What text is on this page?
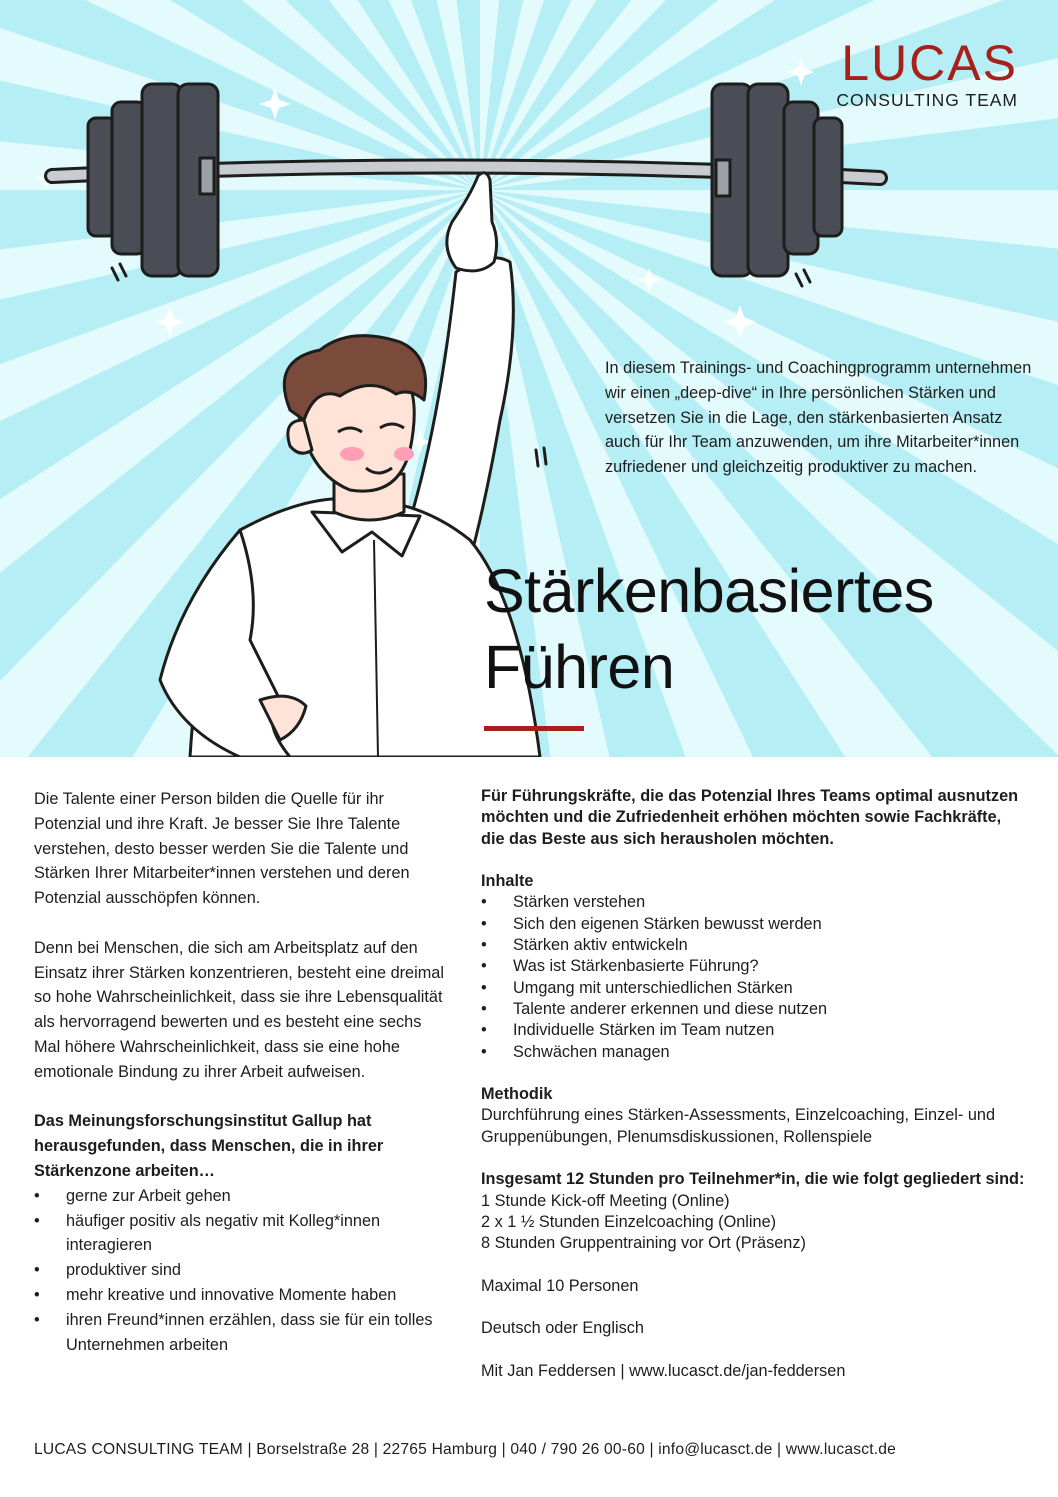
LUCAS
CONSULTING TEAM

In diesem Trainings- und Coachingprogramm unternehmen wir einen „deep-dive“ in Ihre persönlichen Stärken und versetzen Sie in die Lage, den stärkenbasierten Ansatz auch für Ihr Team anzuwenden, um ihre Mitarbeiter*innen zufriedener und gleichzeitig produktiver zu machen.

Stärkenbasiertes
Führen

Die Talente einer Person bilden die Quelle für ihr Potenzial und ihre Kraft. Je besser Sie Ihre Talente verstehen, desto besser werden Sie die Talente und Stärken Ihrer Mitarbeiter*innen verstehen und deren Potenzial ausschöpfen können.

Denn bei Menschen, die sich am Arbeitsplatz auf den Einsatz ihrer Stärken konzentrieren, besteht eine dreimal so hohe Wahrscheinlichkeit, dass sie ihre Lebensqualität als hervorragend bewerten und es besteht eine sechs Mal höhere Wahrscheinlichkeit, dass sie eine hohe emotionale Bindung zu ihrer Arbeit aufweisen.

Das Meinungsforschungsinstitut Gallup hat herausgefunden, dass Menschen, die in ihrer Stärkenzone arbeiten…

• gerne zur Arbeit gehen
• häufiger positiv als negativ mit Kolleg*innen interagieren
• produktiver sind
• mehr kreative und innovative Momente haben
• ihren Freund*innen erzählen, dass sie für ein tolles Unternehmen arbeiten

Für Führungskräfte, die das Potenzial Ihres Teams optimal ausnutzen möchten und die Zufriedenheit erhöhen möchten sowie Fachkräfte, die das Beste aus sich herausholen möchten.

Inhalte

• Stärken verstehen
• Sich den eigenen Stärken bewusst werden
• Stärken aktiv entwickeln
• Was ist Stärkenbasierte Führung?
• Umgang mit unterschiedlichen Stärken
• Talente anderer erkennen und diese nutzen
• Individuelle Stärken im Team nutzen
• Schwächen managen

Methodik

Durchführung eines Stärken-Assessments, Einzelcoaching, Einzel- und Gruppenübungen, Plenumsdiskussionen, Rollenspiele

Insgesamt 12 Stunden pro Teilnehmer*in, die wie folgt gegliedert sind:

1 Stunde Kick-off Meeting (Online)

2 x 1 ½ Stunden Einzelcoaching (Online)

8 Stunden Gruppentraining vor Ort (Präsenz)

Maximal 10 Personen

Deutsch oder Englisch

Mit Jan Feddersen | www.lucasct.de/jan-feddersen

LUCAS CONSULTING TEAM | Borselstraße 28 | 22765 Hamburg | 040 / 790 26 00-60 | info@lucasct.de | www.lucasct.de
